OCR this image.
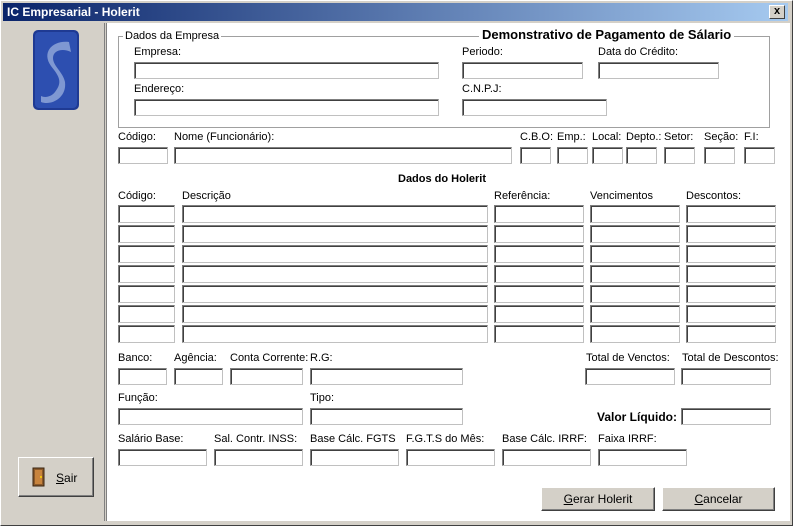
IC Empresarial - Holerit	x
Sair
Dados da Empresa	Demonstrativo de Pagamento de Sálario
Empresa:	Periodo:	Data do Crédito:
Endereço:	C.N.P.J:
Código: Nome (Funcionário):	C.B.O: Emp.: Local: Depto.: Setor: Seção: F.I:
Dados do Holerit
Código: Descrição	Referência:	Vencimentos	Descontos:
Banco: Agência: Conta Corrente: R.G:	Total de Venctos: Total de Descontos:
Função:	Tipo:
Valor Líquido:
Salário Base:	Sal. Contr. INSS: Base Cálc. FGTS F.G.T.S do Mês: Base Cálc. IRRF: Faixa IRRF:
Gerar Holerit	Cancelar
